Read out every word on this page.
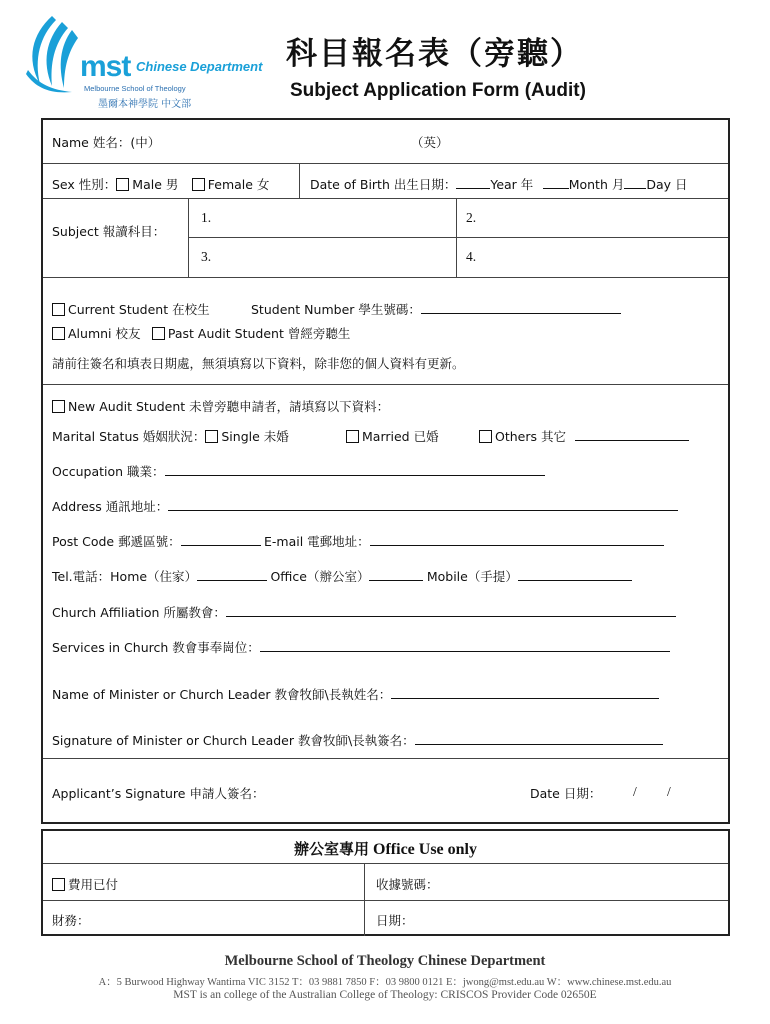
mst Chinese Department
Melbourne School of Theology
墨爾本神學院 中文部
科目報名表（旁聽）
Subject Application Form (Audit)
Name 姓名：(中）	（英）
Sex 性別： Male 男 Female 女	Date of Birth 出生日期：	Year 年	Month 月 Day 日
Subject 報讀科目：
1.	2.
3.	4.
Current Student 在校生	Student Number 學生號碼：
Alumni 校友 Past Audit Student 曾經旁聽生
請前往簽名和填表日期處，無須填寫以下資料，除非您的個人資料有更新。
New Audit Student 未曾旁聽申請者，請填寫以下資料：
Marital Status 婚姻狀況： Single 未婚	Married 已婚	Others 其它
Occupation 職業：
Address 通訊地址：
Post Code 郵遞區號：	E-mail 電郵地址：
Tel.電話：Home（住家）	Office（辦公室）	Mobile（手提）
Church Affiliation 所屬教會：
Services in Church 教會事奉崗位：
Name of Minister or Church Leader 教會牧師\長執姓名：
Signature of Minister or Church Leader 教會牧師\長執簽名：
Applicant’s Signature 申請人簽名：	Date 日期： / /
辦公室專用 Office Use only
費用已付	收據號碼：
財務：	日期：
Melbourne School of Theology Chinese Department
A：5 Burwood Highway Wantirna VIC 3152 T：03 9881 7850 F：03 9800 0121 E：jwong@mst.edu.au W：www.chinese.mst.edu.au
MST is an college of the Australian College of Theology: CRISCOS Provider Code 02650E
